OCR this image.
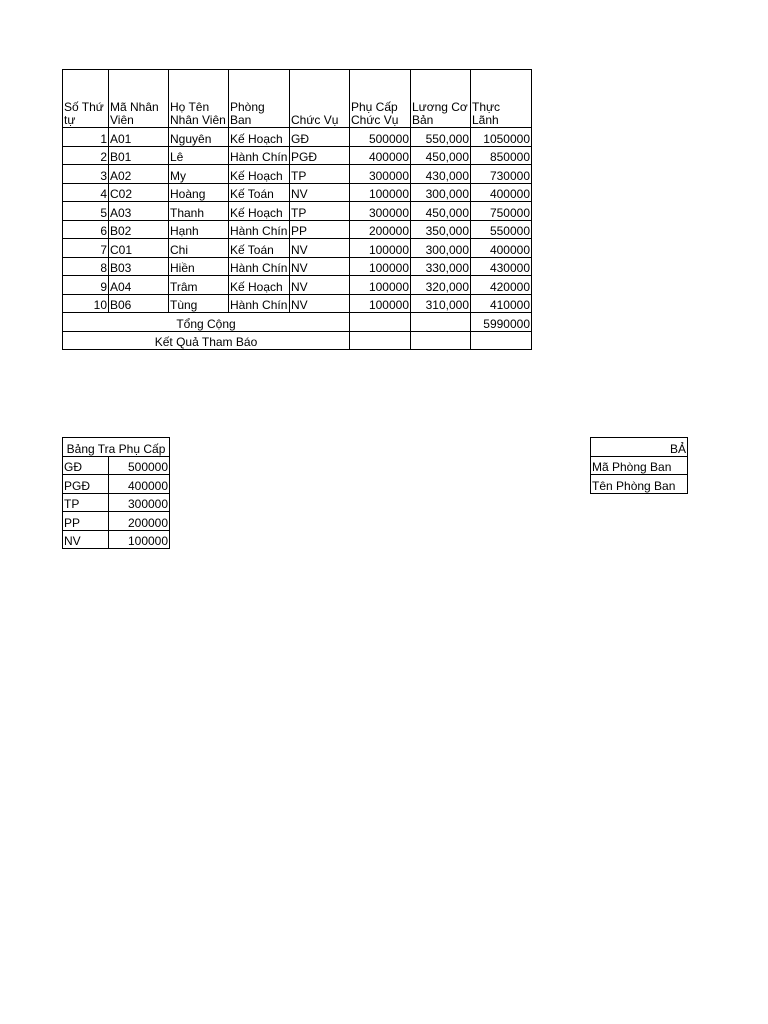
Số Thứ tự	Mã Nhân Viên	Họ Tên Nhân Viên	Phòng Ban	Chức Vụ	Phụ Cấp Chức Vụ	Lương Cơ Bản	Thực Lãnh
1	A01	Nguyên	Kế Hoạch	GĐ	500000	550,000	1050000
2	B01	Lê	Hành Chín	PGĐ	400000	450,000	850000
3	A02	My	Kế Hoạch	TP	300000	430,000	730000
4	C02	Hoàng	Kế Toán	NV	100000	300,000	400000
5	A03	Thanh	Kế Hoạch	TP	300000	450,000	750000
6	B02	Hạnh	Hành Chín	PP	200000	350,000	550000
7	C01	Chi	Kế Toán	NV	100000	300,000	400000
8	B03	Hiền	Hành Chín	NV	100000	330,000	430000
9	A04	Trâm	Kế Hoạch	NV	100000	320,000	420000
10	B06	Tùng	Hành Chín	NV	100000	310,000	410000
Tổng Cộng							5990000
Kết Quả Tham Báo							
Bảng Tra Phụ Cấp	
GĐ	500000
PGĐ	400000
TP	300000
PP	200000
NV	100000
BẢ
Mã Phòng Ban
Tên Phòng Ban
